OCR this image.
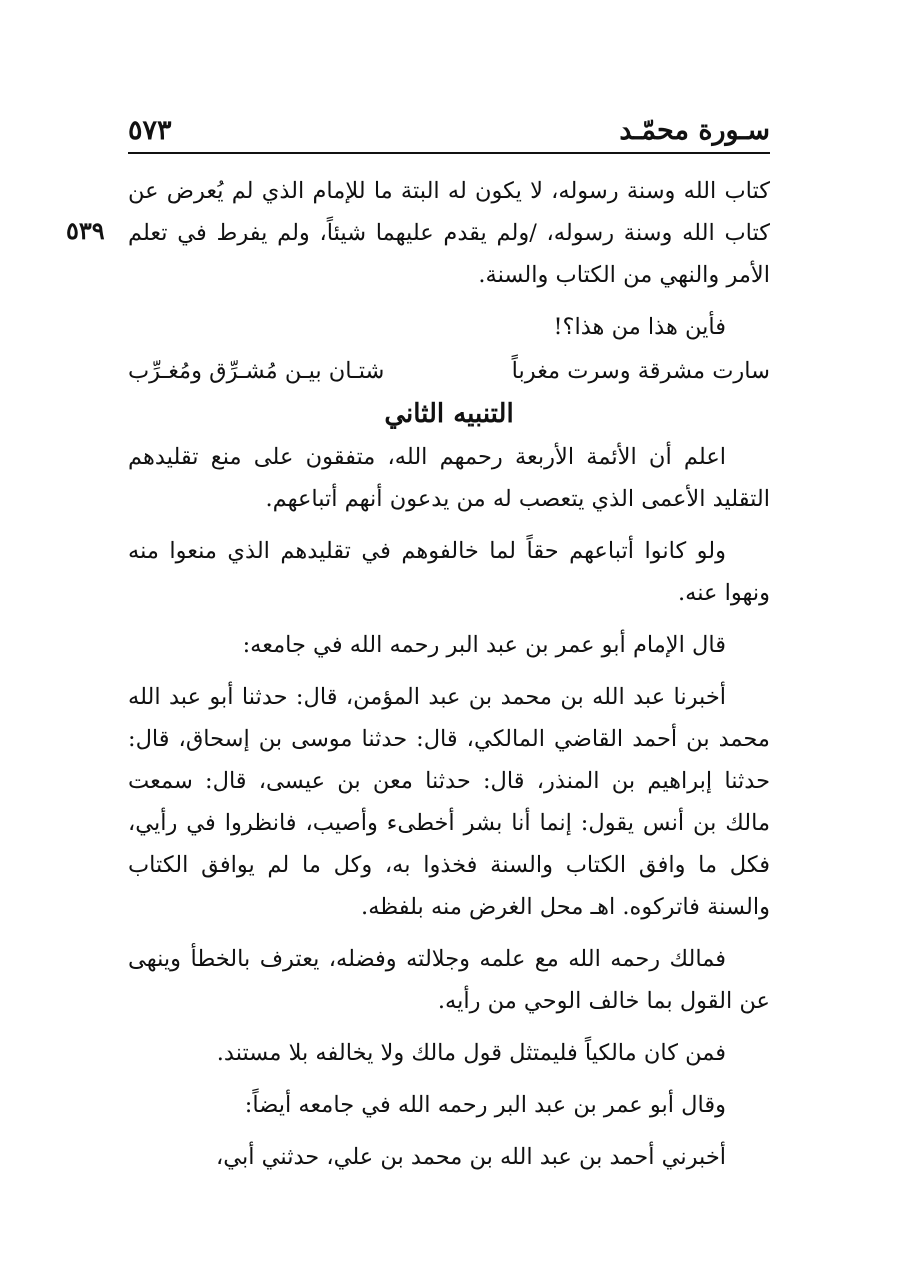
٥٧٣	سـورة محمّـد
٥٣٩

كتاب الله وسنة رسوله، لا يكون له البتة ما للإمام الذي لم يُعرض عن كتاب الله وسنة رسوله، /ولم يقدم عليهما شيئاً، ولم يفرط في تعلم الأمر والنهي من الكتاب والسنة.

فأين هذا من هذا؟!

سارت مشرقة وسرت مغرباً
شتـان بيـن مُشـرِّق ومُغـرِّب

التنبيه الثاني

اعلم أن الأئمة الأربعة رحمهم الله، متفقون على منع تقليدهم التقليد الأعمى الذي يتعصب له من يدعون أنهم أتباعهم.

ولو كانوا أتباعهم حقاً لما خالفوهم في تقليدهم الذي منعوا منه ونهوا عنه.

قال الإمام أبو عمر بن عبد البر رحمه الله في جامعه:

أخبرنا عبد الله بن محمد بن عبد المؤمن، قال: حدثنا أبو عبد الله محمد بن أحمد القاضي المالكي، قال: حدثنا موسى بن إسحاق، قال: حدثنا إبراهيم بن المنذر، قال: حدثنا معن بن عيسى، قال: سمعت مالك بن أنس يقول: إنما أنا بشر أخطىء وأصيب، فانظروا في رأيي، فكل ما وافق الكتاب والسنة فخذوا به، وكل ما لم يوافق الكتاب والسنة فاتركوه. اهـ محل الغرض منه بلفظه.

فمالك رحمه الله مع علمه وجلالته وفضله، يعترف بالخطأ وينهى عن القول بما خالف الوحي من رأيه.

فمن كان مالكياً فليمتثل قول مالك ولا يخالفه بلا مستند.

وقال أبو عمر بن عبد البر رحمه الله في جامعه أيضاً:

أخبرني أحمد بن عبد الله بن محمد بن علي، حدثني أبي،
